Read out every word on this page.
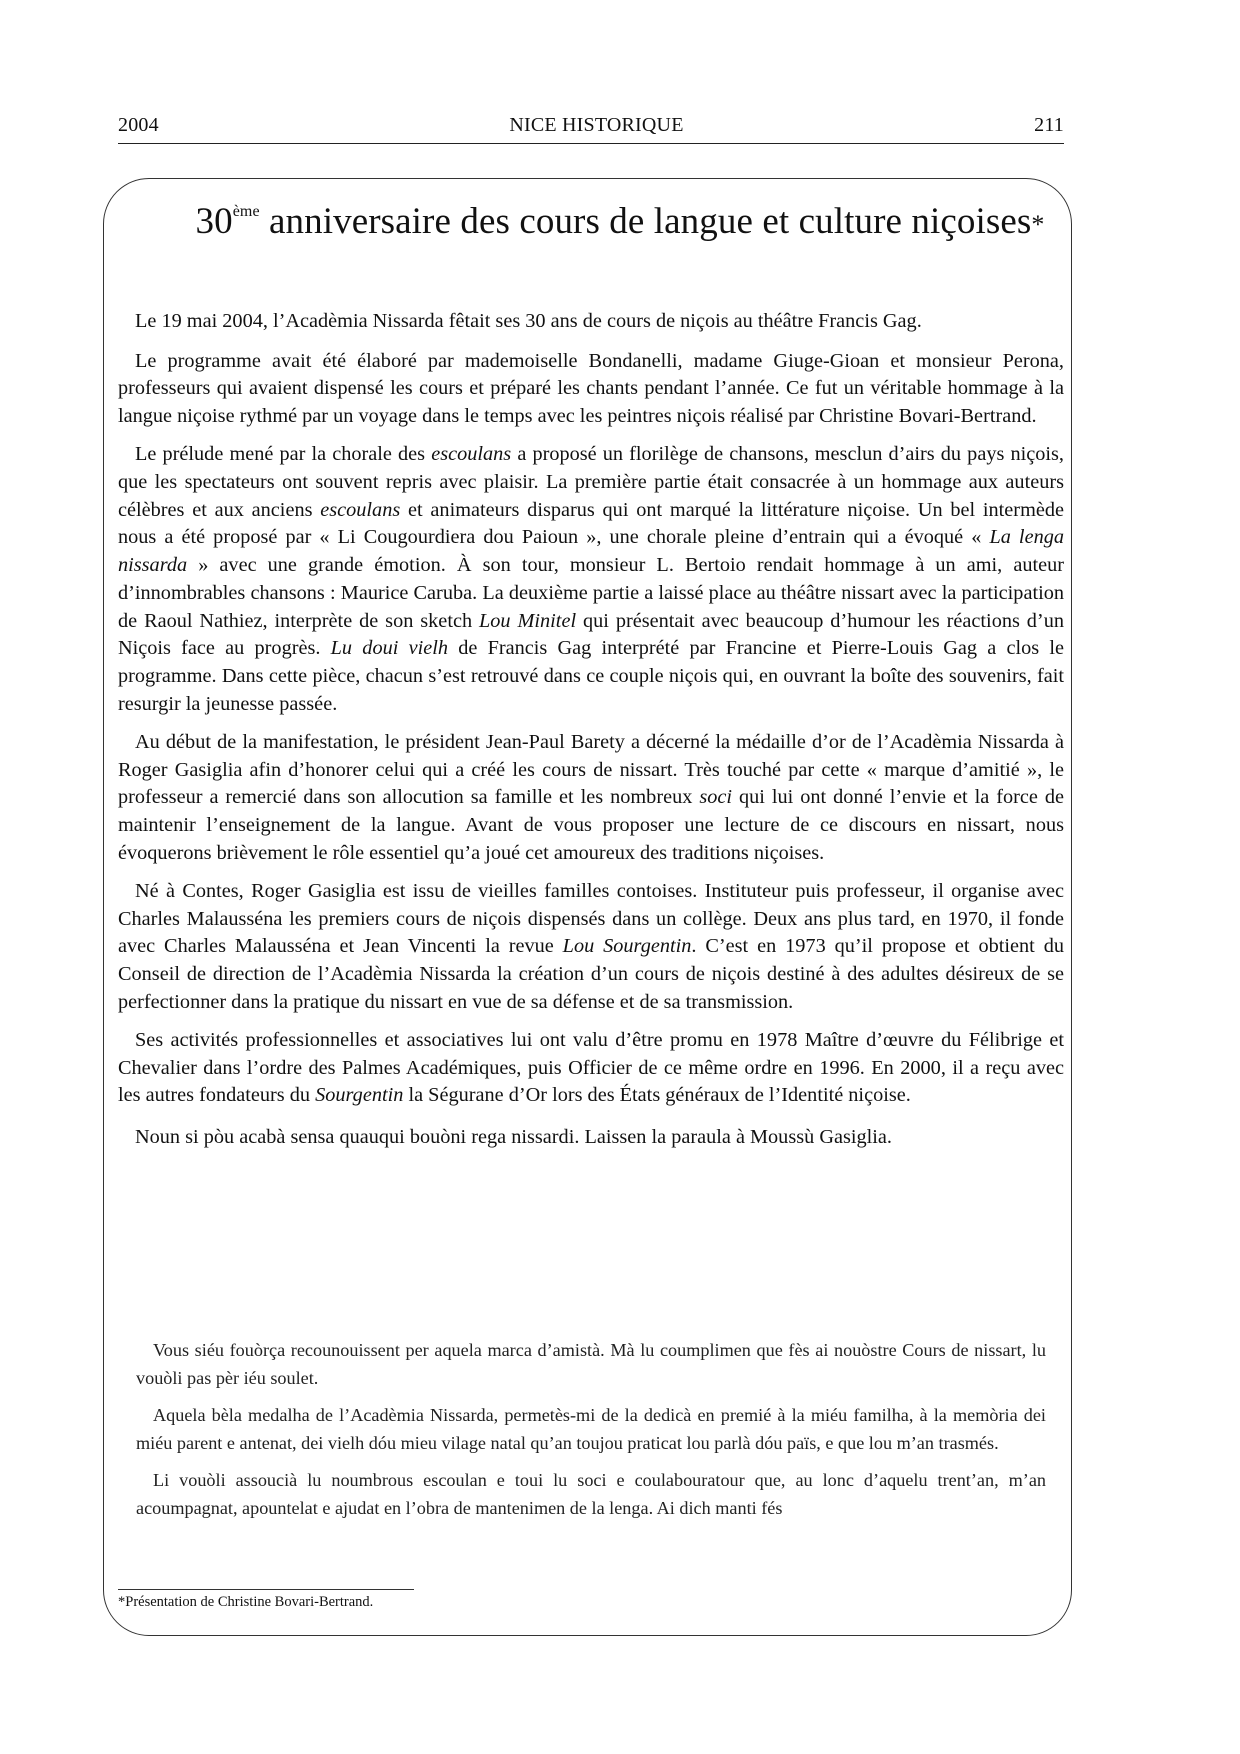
2004	NICE HISTORIQUE	211
30ème anniversaire des cours de langue et culture niçoises*

Le 19 mai 2004, l’Acadèmia Nissarda fêtait ses 30 ans de cours de niçois au théâtre Francis Gag.

Le programme avait été élaboré par mademoiselle Bondanelli, madame Giuge-Gioan et monsieur Perona, professeurs qui avaient dispensé les cours et préparé les chants pendant l’année. Ce fut un véritable hommage à la langue niçoise rythmé par un voyage dans le temps avec les peintres niçois réalisé par Christine Bovari-Bertrand.

Le prélude mené par la chorale des escoulans a proposé un florilège de chansons, mesclun d’airs du pays niçois, que les spectateurs ont souvent repris avec plaisir. La première partie était consacrée à un hommage aux auteurs célèbres et aux anciens escoulans et animateurs disparus qui ont marqué la littérature niçoise. Un bel intermède nous a été proposé par « Li Cougourdiera dou Paioun », une chorale pleine d’entrain qui a évoqué « La lenga nissarda » avec une grande émotion. À son tour, monsieur L. Bertoio rendait hommage à un ami, auteur d’innombrables chansons : Maurice Caruba. La deuxième partie a laissé place au théâtre nissart avec la participation de Raoul Nathiez, interprète de son sketch Lou Minitel qui présentait avec beaucoup d’humour les réactions d’un Niçois face au progrès. Lu doui vielh de Francis Gag interprété par Francine et Pierre-Louis Gag a clos le programme. Dans cette pièce, chacun s’est retrouvé dans ce couple niçois qui, en ouvrant la boîte des souvenirs, fait resurgir la jeunesse passée.

Au début de la manifestation, le président Jean-Paul Barety a décerné la médaille d’or de l’Acadèmia Nissarda à Roger Gasiglia afin d’honorer celui qui a créé les cours de nissart. Très touché par cette « marque d’amitié », le professeur a remercié dans son allocution sa famille et les nombreux soci qui lui ont donné l’envie et la force de maintenir l’enseignement de la langue. Avant de vous proposer une lecture de ce discours en nissart, nous évoquerons brièvement le rôle essentiel qu’a joué cet amoureux des traditions niçoises.

Né à Contes, Roger Gasiglia est issu de vieilles familles contoises. Instituteur puis professeur, il organise avec Charles Malausséna les premiers cours de niçois dispensés dans un collège. Deux ans plus tard, en 1970, il fonde avec Charles Malausséna et Jean Vincenti la revue Lou Sourgentin. C’est en 1973 qu’il propose et obtient du Conseil de direction de l’Acadèmia Nissarda la création d’un cours de niçois destiné à des adultes désireux de se perfectionner dans la pratique du nissart en vue de sa défense et de sa transmission.

Ses activités professionnelles et associatives lui ont valu d’être promu en 1978 Maître d’œuvre du Félibrige et Chevalier dans l’ordre des Palmes Académiques, puis Officier de ce même ordre en 1996. En 2000, il a reçu avec les autres fondateurs du Sourgentin la Ségurane d’Or lors des États généraux de l’Identité niçoise.

Noun si pòu acabà sensa quauqui bouòni rega nissardi. Laissen la paraula à Moussù Gasiglia.

Vous siéu fouòrça recounouissent per aquela marca d’amistà. Mà lu coumplimen que fès ai nouòstre Cours de nissart, lu vouòli pas pèr iéu soulet.

Aquela bèla medalha de l’Acadèmia Nissarda, permetès-mi de la dedicà en premié à la miéu familha, à la memòria dei miéu parent e antenat, dei vielh dóu mieu vilage natal qu’an toujou praticat lou parlà dóu païs, e que lou m’an trasmés.

Li vouòli assoucià lu noumbrous escoulan e toui lu soci e coulabouratour que, au lonc d’aquelu trent’an, m’an acoumpagnat, apountelat e ajudat en l’obra de mantenimen de la lenga. Ai dich manti fés

*Présentation de Christine Bovari-Bertrand.
